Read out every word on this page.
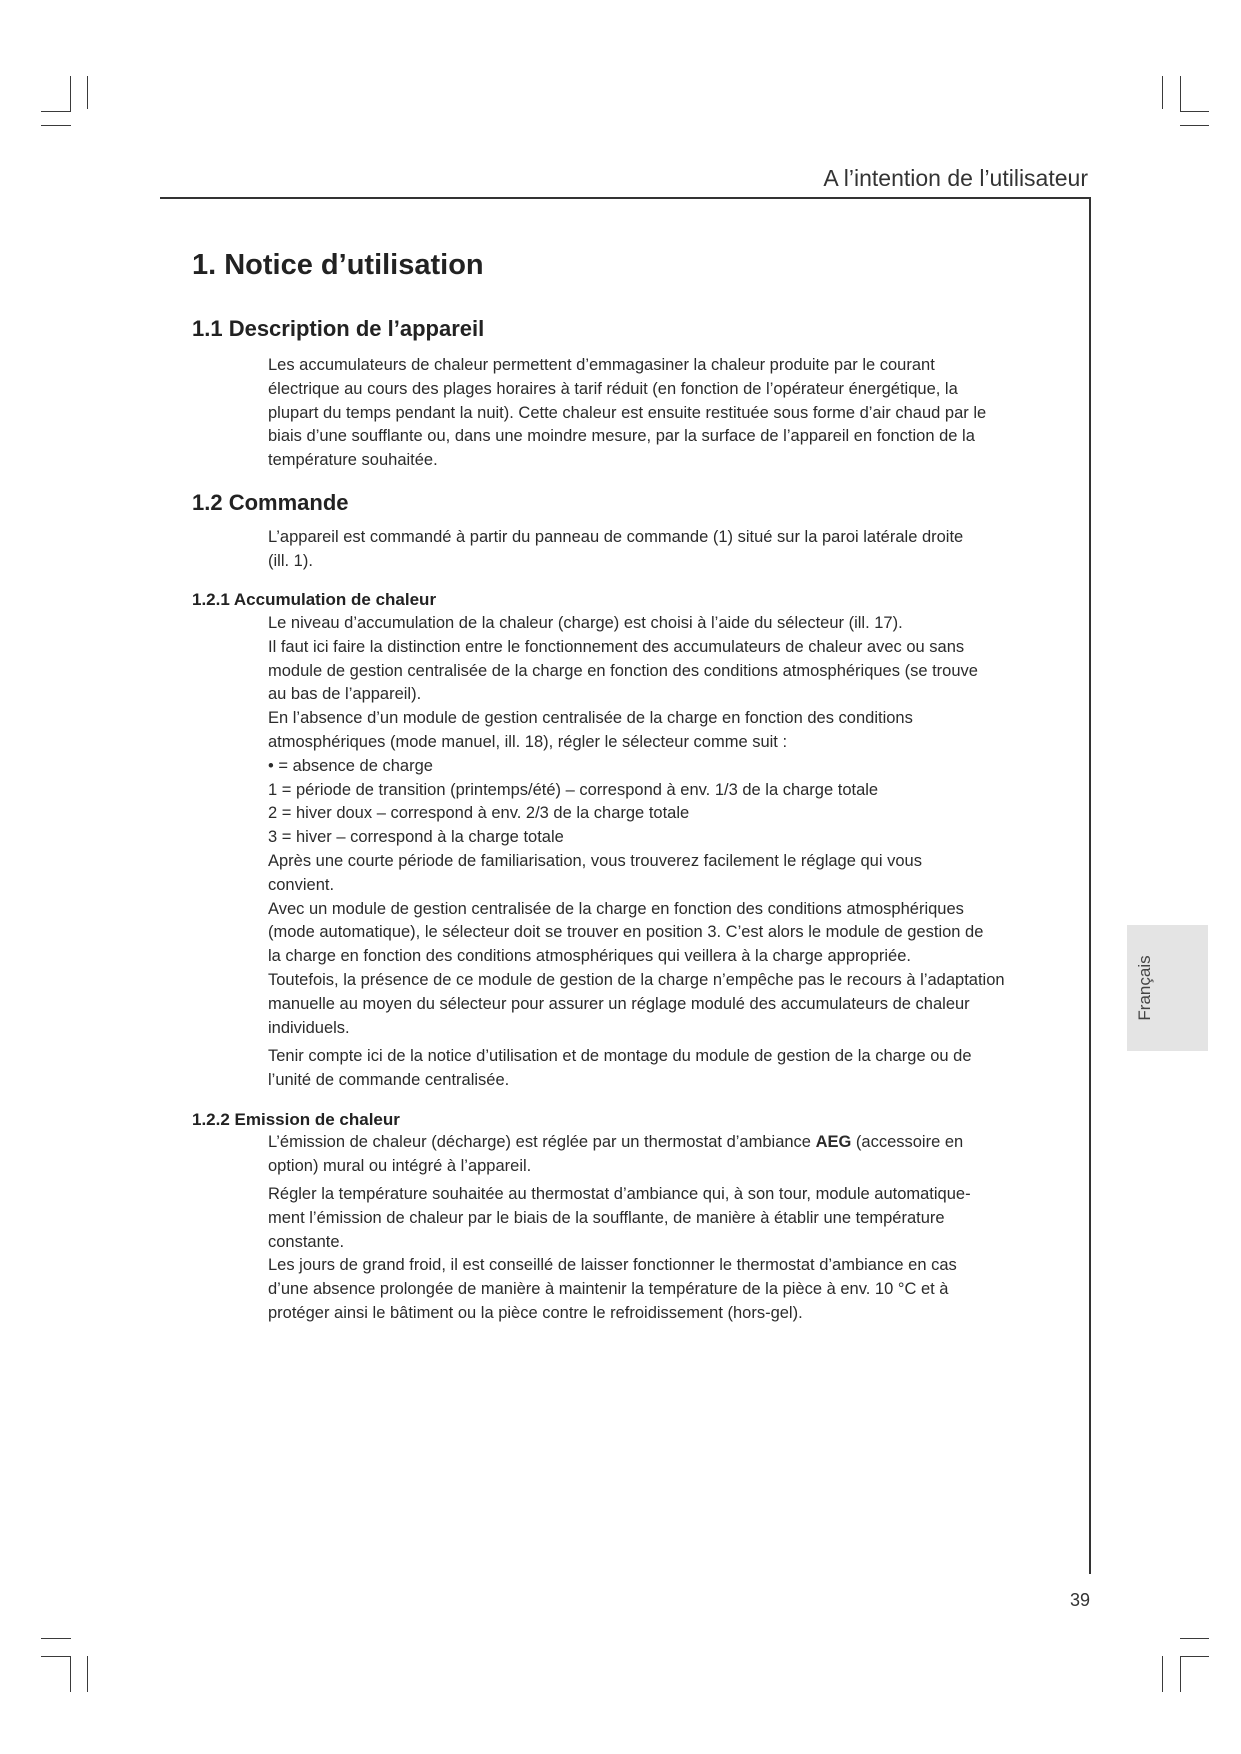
A l’intention de l’utilisateur
1. Notice d’utilisation
1.1 Description de l’appareil
Les accumulateurs de chaleur permettent d’emmagasiner la chaleur produite par le courant
électrique au cours des plages horaires à tarif réduit (en fonction de l’opérateur énergétique, la
plupart du temps pendant la nuit). Cette chaleur est ensuite restituée sous forme d’air chaud par le
biais d’une soufflante ou, dans une moindre mesure, par la surface de l’appareil en fonction de la
température souhaitée.
1.2 Commande
L’appareil est commandé à partir du panneau de commande (1) situé sur la paroi latérale droite
(ill. 1).
1.2.1 Accumulation de chaleur
Le niveau d’accumulation de la chaleur (charge) est choisi à l’aide du sélecteur (ill. 17).
Il faut ici faire la distinction entre le fonctionnement des accumulateurs de chaleur avec ou sans
module de gestion centralisée de la charge en fonction des conditions atmosphériques (se trouve
au bas de l’appareil).
En l’absence d’un module de gestion centralisée de la charge en fonction des conditions
atmosphériques (mode manuel, ill. 18), régler le sélecteur comme suit :
• = absence de charge
1 = période de transition (printemps/été) – correspond à env. 1/3 de la charge totale
2 = hiver doux – correspond à env. 2/3 de la charge totale
3 = hiver – correspond à la charge totale
Après une courte période de familiarisation, vous trouverez facilement le réglage qui vous
convient.
Avec un module de gestion centralisée de la charge en fonction des conditions atmosphériques
(mode automatique), le sélecteur doit se trouver en position 3. C’est alors le module de gestion de
la charge en fonction des conditions atmosphériques qui veillera à la charge appropriée.
Toutefois, la présence de ce module de gestion de la charge n’empêche pas le recours à l’adaptation
manuelle au moyen du sélecteur pour assurer un réglage modulé des accumulateurs de chaleur
individuels.
Tenir compte ici de la notice d’utilisation et de montage du module de gestion de la charge ou de
l’unité de commande centralisée.
1.2.2 Emission de chaleur
L’émission de chaleur (décharge) est réglée par un thermostat d’ambiance AEG (accessoire en
option) mural ou intégré à l’appareil.
Régler la température souhaitée au thermostat d’ambiance qui, à son tour, module automatique-
ment l’émission de chaleur par le biais de la soufflante, de manière à établir une température
constante.
Les jours de grand froid, il est conseillé de laisser fonctionner le thermostat d’ambiance en cas
d’une absence prolongée de manière à maintenir la température de la pièce à env. 10 °C et à
protéger ainsi le bâtiment ou la pièce contre le refroidissement (hors-gel).
Français
39
